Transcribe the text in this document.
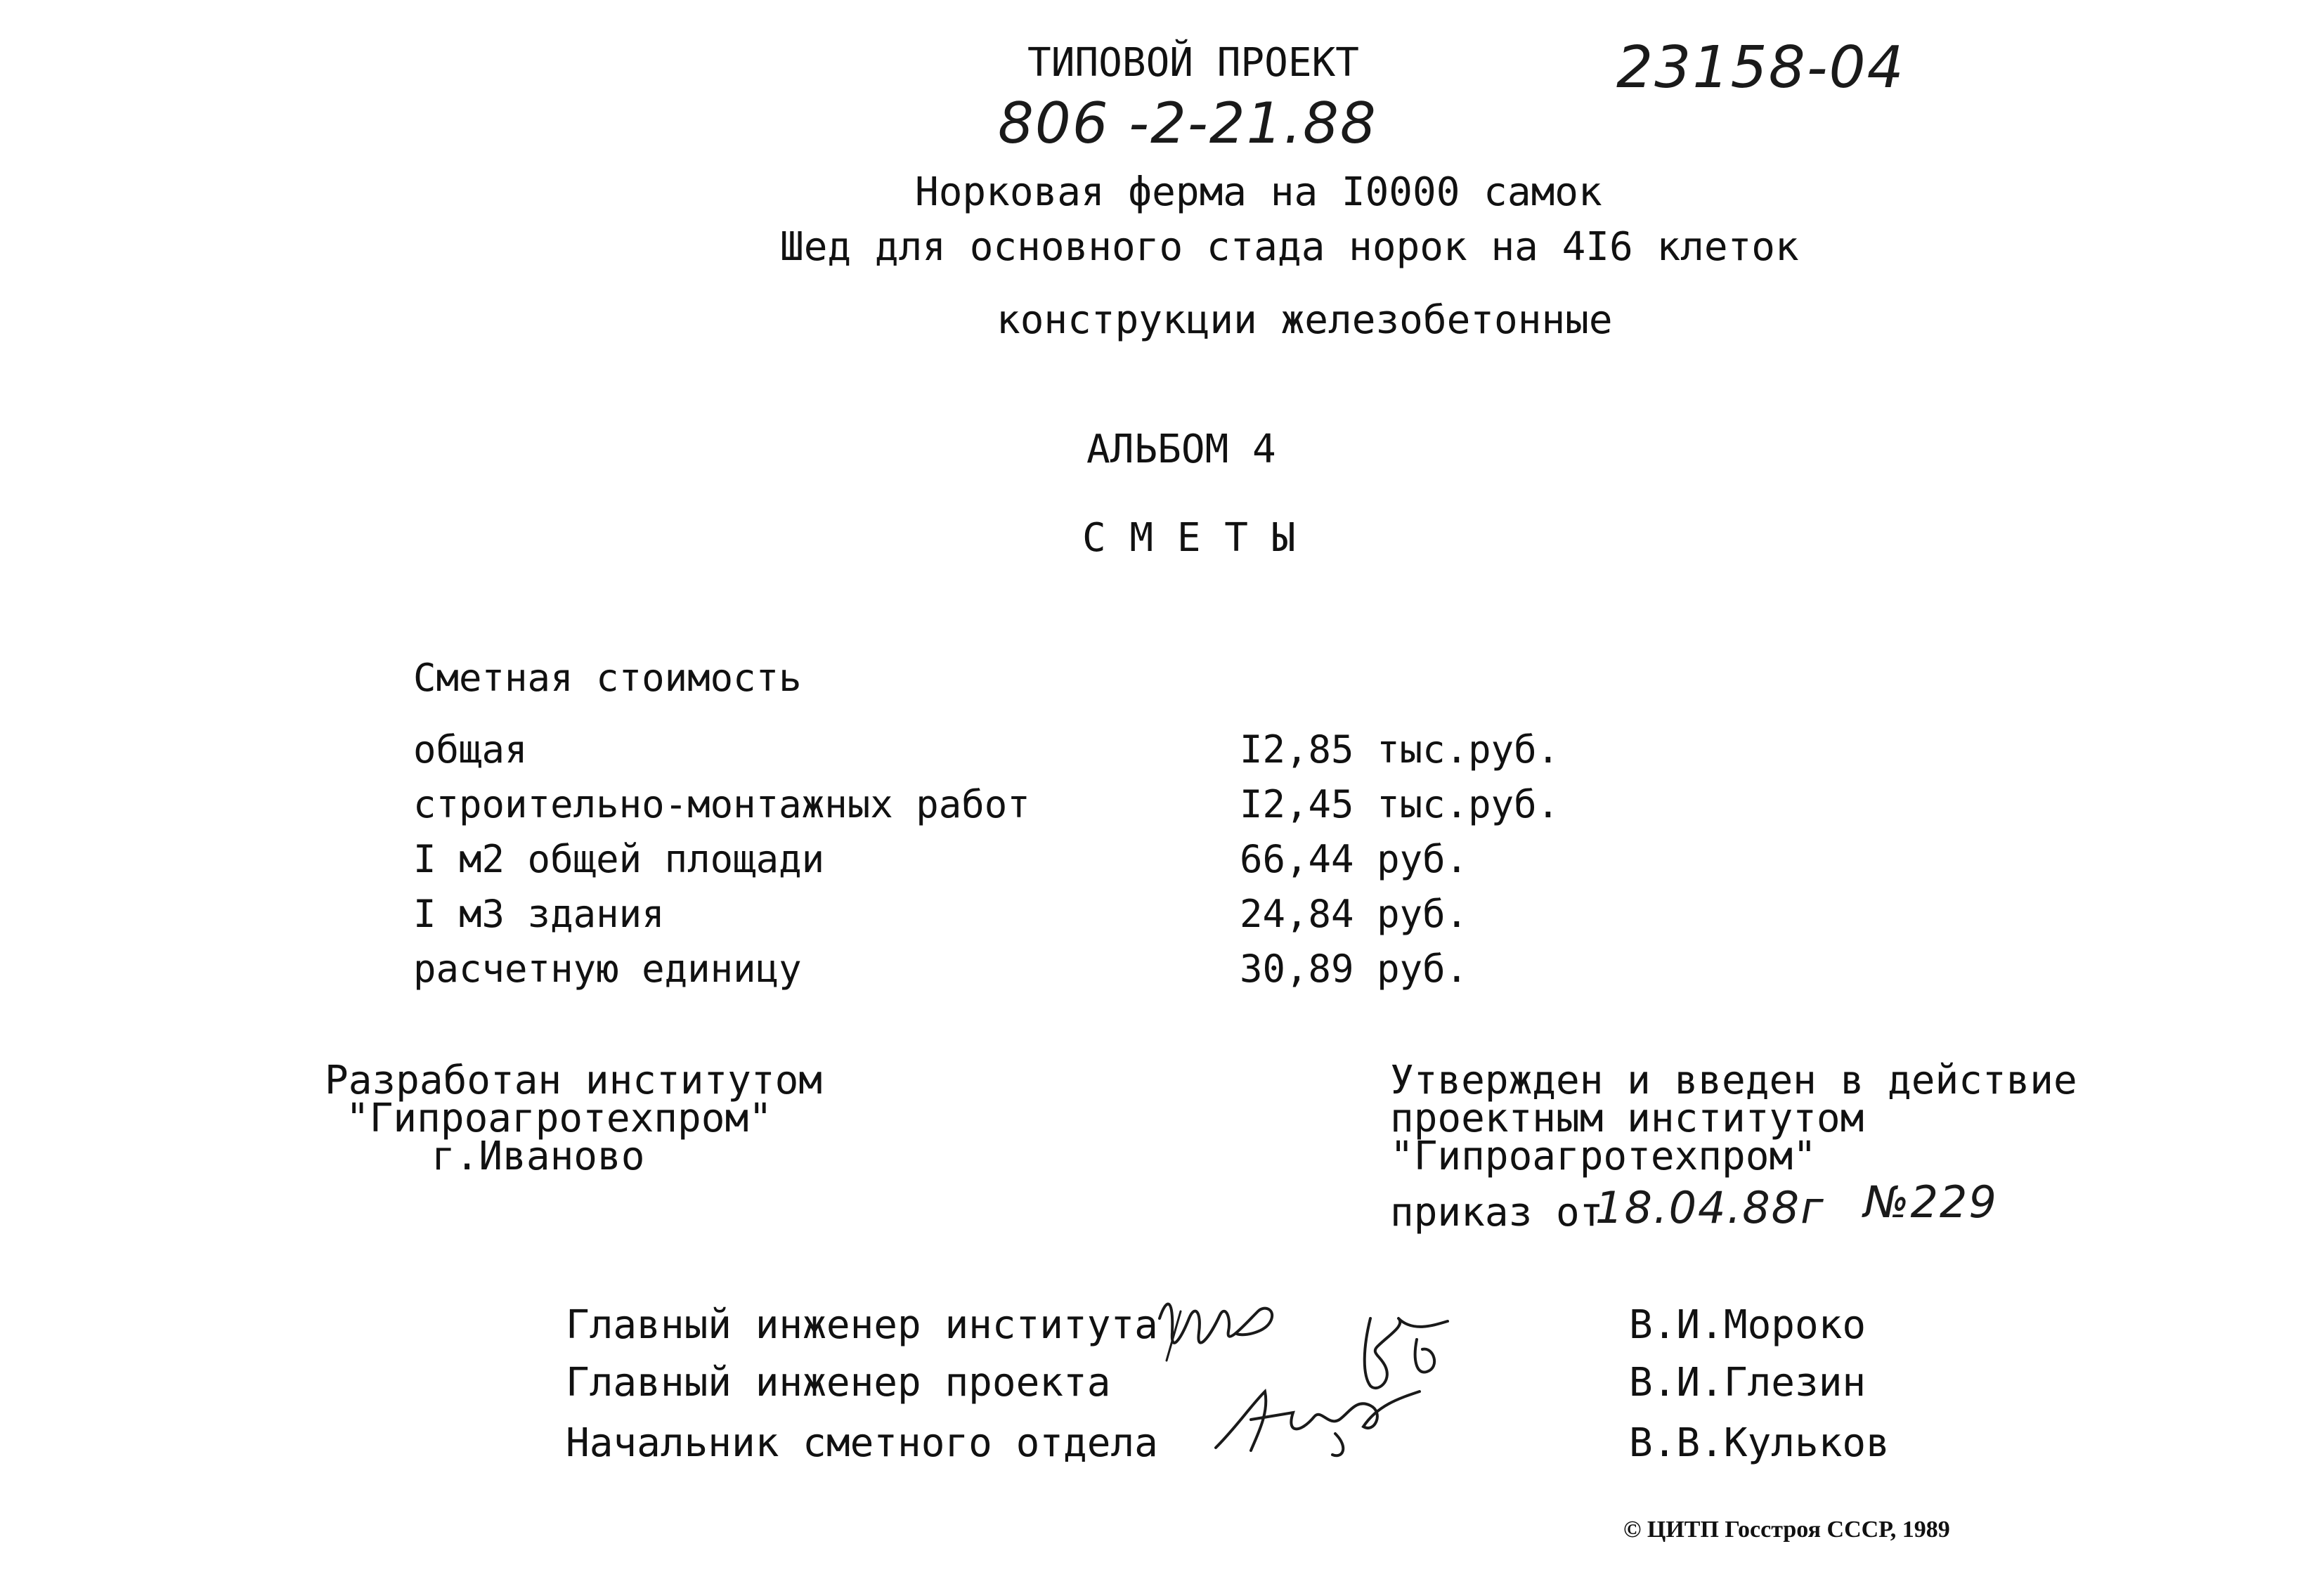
ТИПОВОЙ ПРОЕКТ
806 -2-21.88
23158-04
Норковая ферма на I0000 самок
Шед для основного стада норок на 4I6 клеток
конструкции железобетонные
АЛЬБОМ 4
С М Е Т Ы
Сметная стоимость
общая	I2,85 тыс.руб.
строительно-монтажных работ	I2,45 тыс.руб.
I м2 общей площади	66,44 руб.
I м3 здания	24,84 руб.
расчетную единицу	30,89 руб.
Разработан институтом
"Гипроагротехпром"
г.Иваново
Утвержден и введен в действие
проектным институтом
"Гипроагротехпром"
приказ от
18.04.88г №229
Главный инженер института	В.И.Мороко
Главный инженер проекта	В.И.Глезин
Начальник сметного отдела	В.В.Кульков
© ЦИТП Госстроя СССР, 1989
